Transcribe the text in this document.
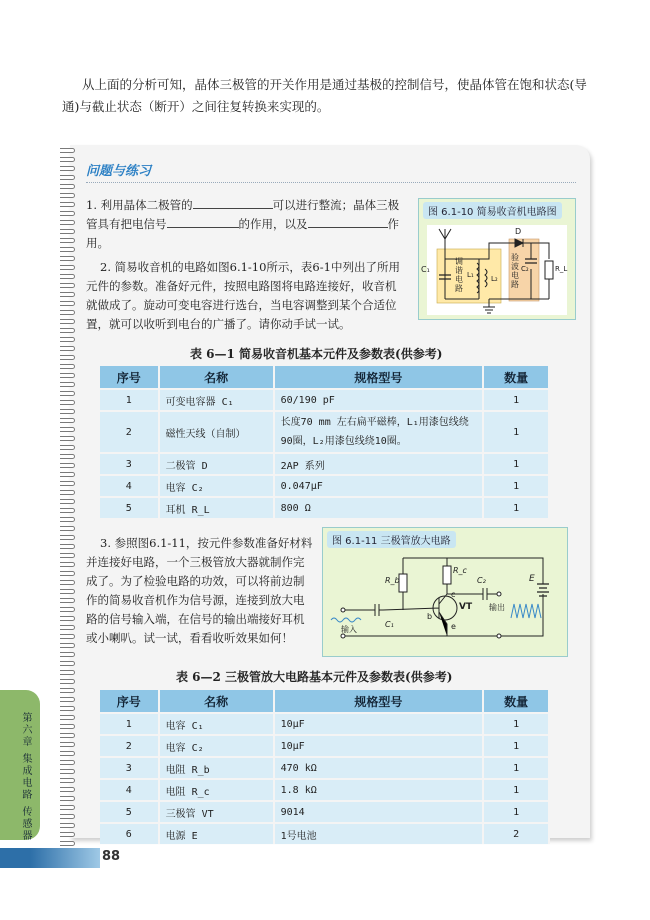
从上面的分析可知，晶体三极管的开关作用是通过基极的控制信号，使晶体管在饱和状态(导通)与截止状态（断开）之间往复转换来实现的。
问题与练习
1. 利用晶体二极管的	可以进行整流；晶体三极管具有把电信号	的作用，以及	作用。
2. 简易收音机的电路如图6.1-10所示，表6-1中列出了所用元件的参数。准备好元件，按照电路图将电路连接好，收音机就做成了。旋动可变电容进行选台，当电容调整到某个合适位置，就可以收听到电台的广播了。请你动手试一试。
图 6.1-10 简易收音机电路图
C₁
调谐电路
L₁ L₂
D
验波电路
C₂	R_L
表 6—1 简易收音机基本元件及参数表(供参考)
序号	名称	规格型号	数量
1	可变电容器 C₁	60/190 pF	1
2	磁性天线（自制）	长度70 mm 左右扁平磁棒，L₁用漆包线绕90圈，L₂用漆包线绕10圈。	1
3	二极管 D	2AP 系列	1
4	电容 C₂	0.047μF	1
5	耳机 R_L	800 Ω	1
3. 参照图6.1-11，按元件参数准备好材料并连接好电路，一个三极管放大器就制作完成了。为了检验电路的功效，可以将前边制作的简易收音机作为信号源，连接到放大电路的信号输入端，在信号的输出端接好耳机或小喇叭。试一试，看看收听效果如何！
图 6.1-11 三极管放大电路
R_b
R_c
C₂	E
VT
b
c
e
C₁
输入
输出
表 6—2 三极管放大电路基本元件及参数表(供参考)
序号	名称	规格型号	数量
1	电容 C₁	10μF	1
2	电容 C₂	10μF	1
3	电阻 R_b	470 kΩ	1
4	电阻 R_c	1.8 kΩ	1
5	三极管 VT	9014	1
6	电源 E	1号电池	2
第六章 集成电路 传感器
88
